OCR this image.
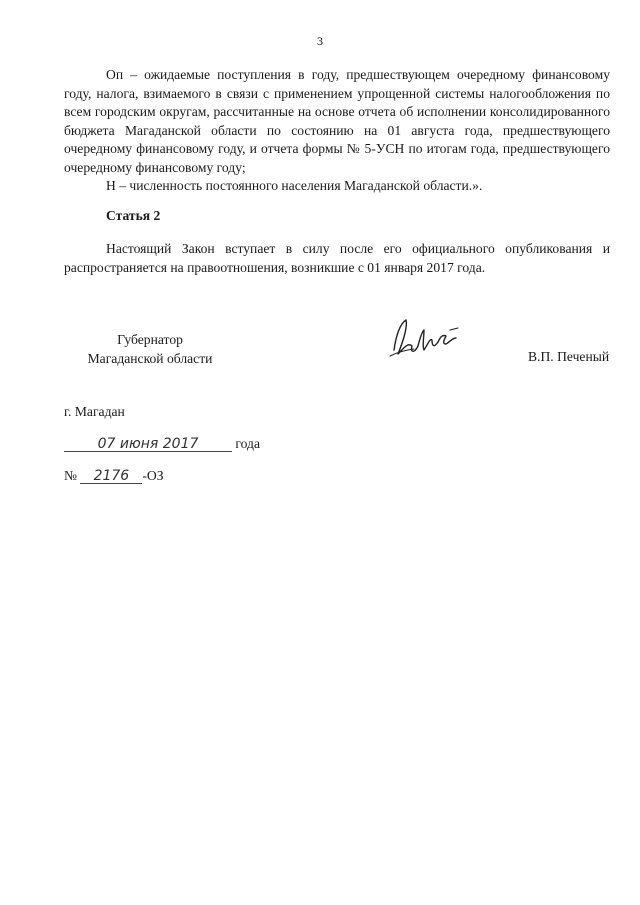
3

Оп – ожидаемые поступления в году, предшествующем очередному финансовому году, налога, взимаемого в связи с применением упрощенной системы налогообложения по всем городским округам, рассчитанные на основе отчета об исполнении консолидированного бюджета Магаданской области по состоянию на 01 августа года, предшествующего очередному финансовому году, и отчета формы № 5-УСН по итогам года, предшествующего очередному финансовому году;

Н – численность постоянного населения Магаданской области.».

Статья 2

Настоящий Закон вступает в силу после его официального опубликования и распространяется на правоотношения, возникшие с 01 января 2017 года.

Губернатор
Магаданской области	В.П. Печеный
г. Магадан
07 июня 2017	года
№ 2176 -ОЗ
